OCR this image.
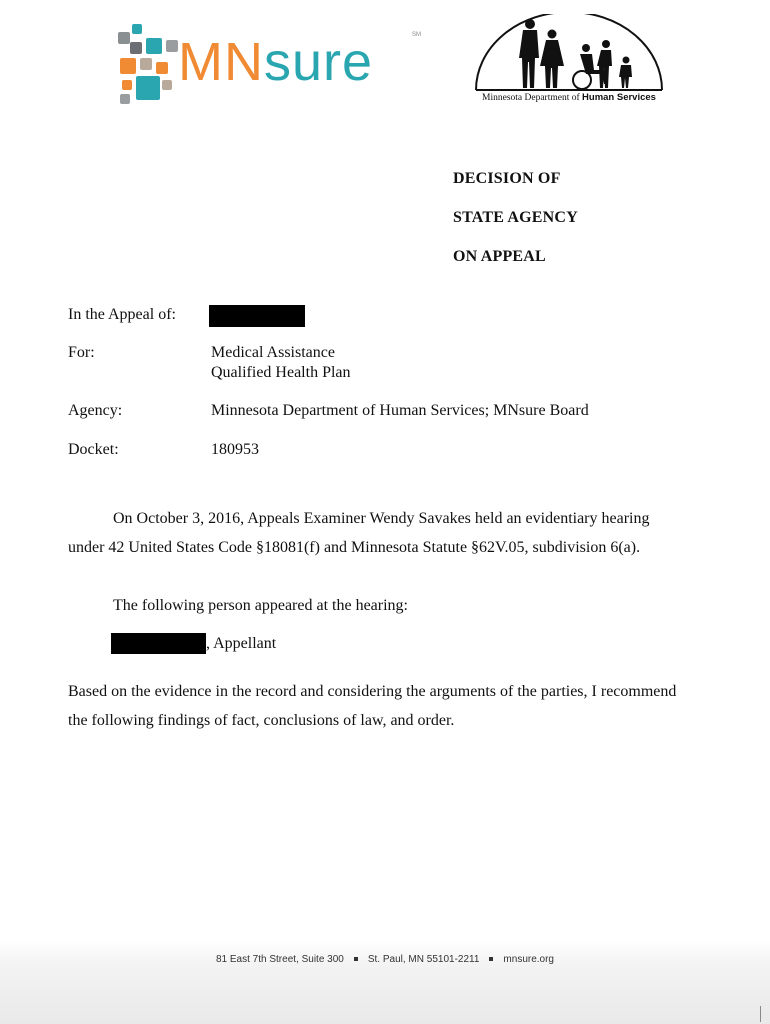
MNsure	SM
Minnesota Department of Human Services
DECISION OF
STATE AGENCY
ON APPEAL
In the Appeal of:
For:	Medical Assistance
Qualified Health Plan
Agency:	Minnesota Department of Human Services; MNsure Board
Docket:	180953
On October 3, 2016, Appeals Examiner Wendy Savakes held an evidentiary hearing
under 42 United States Code §18081(f) and Minnesota Statute §62V.05, subdivision 6(a).
The following person appeared at the hearing:
, Appellant
Based on the evidence in the record and considering the arguments of the parties, I recommend
the following findings of fact, conclusions of law, and order.
81 East 7th Street, Suite 300 St. Paul, MN 55101-2211 mnsure.org
